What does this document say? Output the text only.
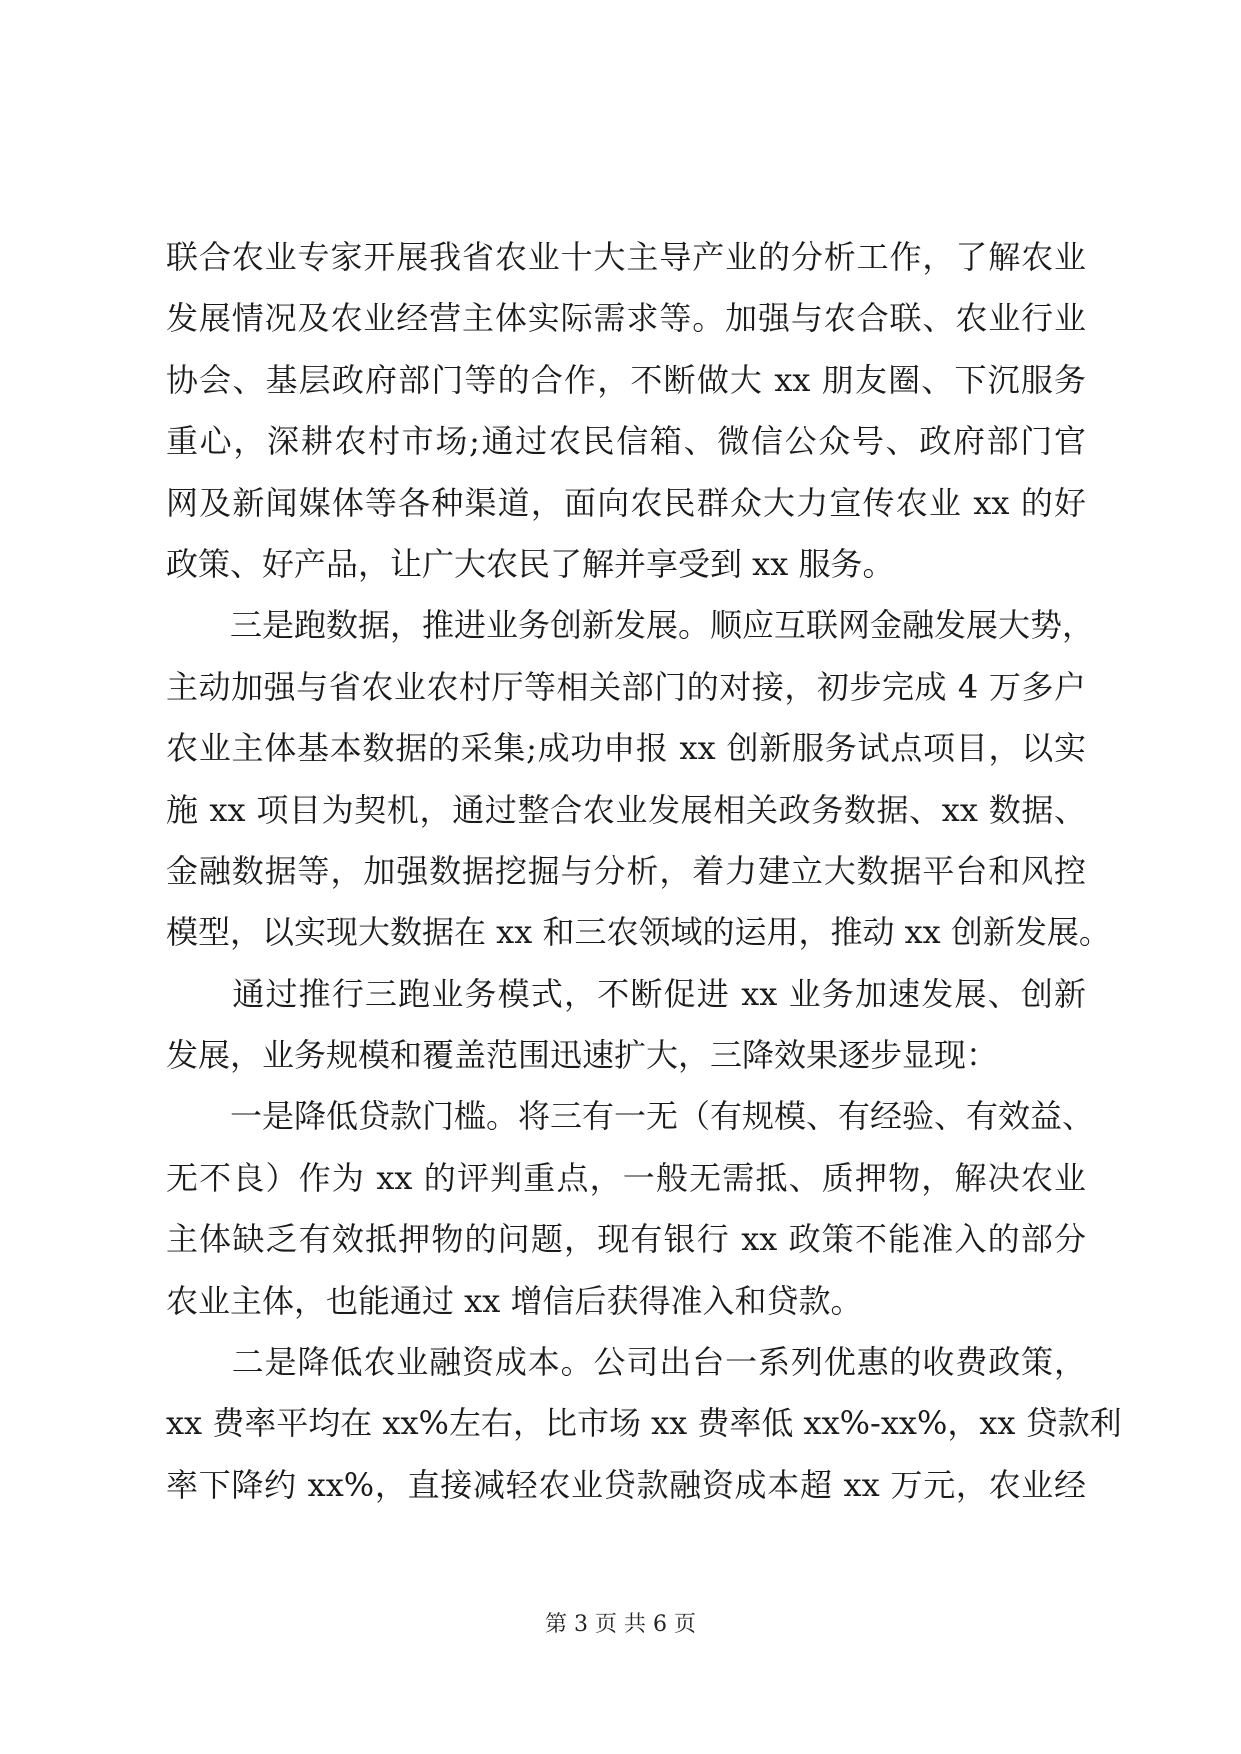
联合农业专家开展我省农业十大主导产业的分析工作，了解农业
发展情况及农业经营主体实际需求等。加强与农合联、农业行业
协会、基层政府部门等的合作，不断做大 xx 朋友圈、下沉服务
重心，深耕农村市场;通过农民信箱、微信公众号、政府部门官
网及新闻媒体等各种渠道，面向农民群众大力宣传农业 xx 的好
政策、好产品，让广大农民了解并享受到 xx 服务。
　　三是跑数据，推进业务创新发展。顺应互联网金融发展大势，
主动加强与省农业农村厅等相关部门的对接，初步完成 4 万多户
农业主体基本数据的采集;成功申报 xx 创新服务试点项目，以实
施 xx 项目为契机，通过整合农业发展相关政务数据、xx 数据、
金融数据等，加强数据挖掘与分析，着力建立大数据平台和风控
模型，以实现大数据在 xx 和三农领域的运用，推动 xx 创新发展。
　　通过推行三跑业务模式，不断促进 xx 业务加速发展、创新
发展，业务规模和覆盖范围迅速扩大，三降效果逐步显现：
　　一是降低贷款门槛。将三有一无（有规模、有经验、有效益、
无不良）作为 xx 的评判重点，一般无需抵、质押物，解决农业
主体缺乏有效抵押物的问题，现有银行 xx 政策不能准入的部分
农业主体，也能通过 xx 增信后获得准入和贷款。
　　二是降低农业融资成本。公司出台一系列优惠的收费政策，
xx 费率平均在 xx%左右，比市场 xx 费率低 xx%-xx%，xx 贷款利
率下降约 xx%，直接减轻农业贷款融资成本超 xx 万元，农业经
第 3 页 共 6 页
